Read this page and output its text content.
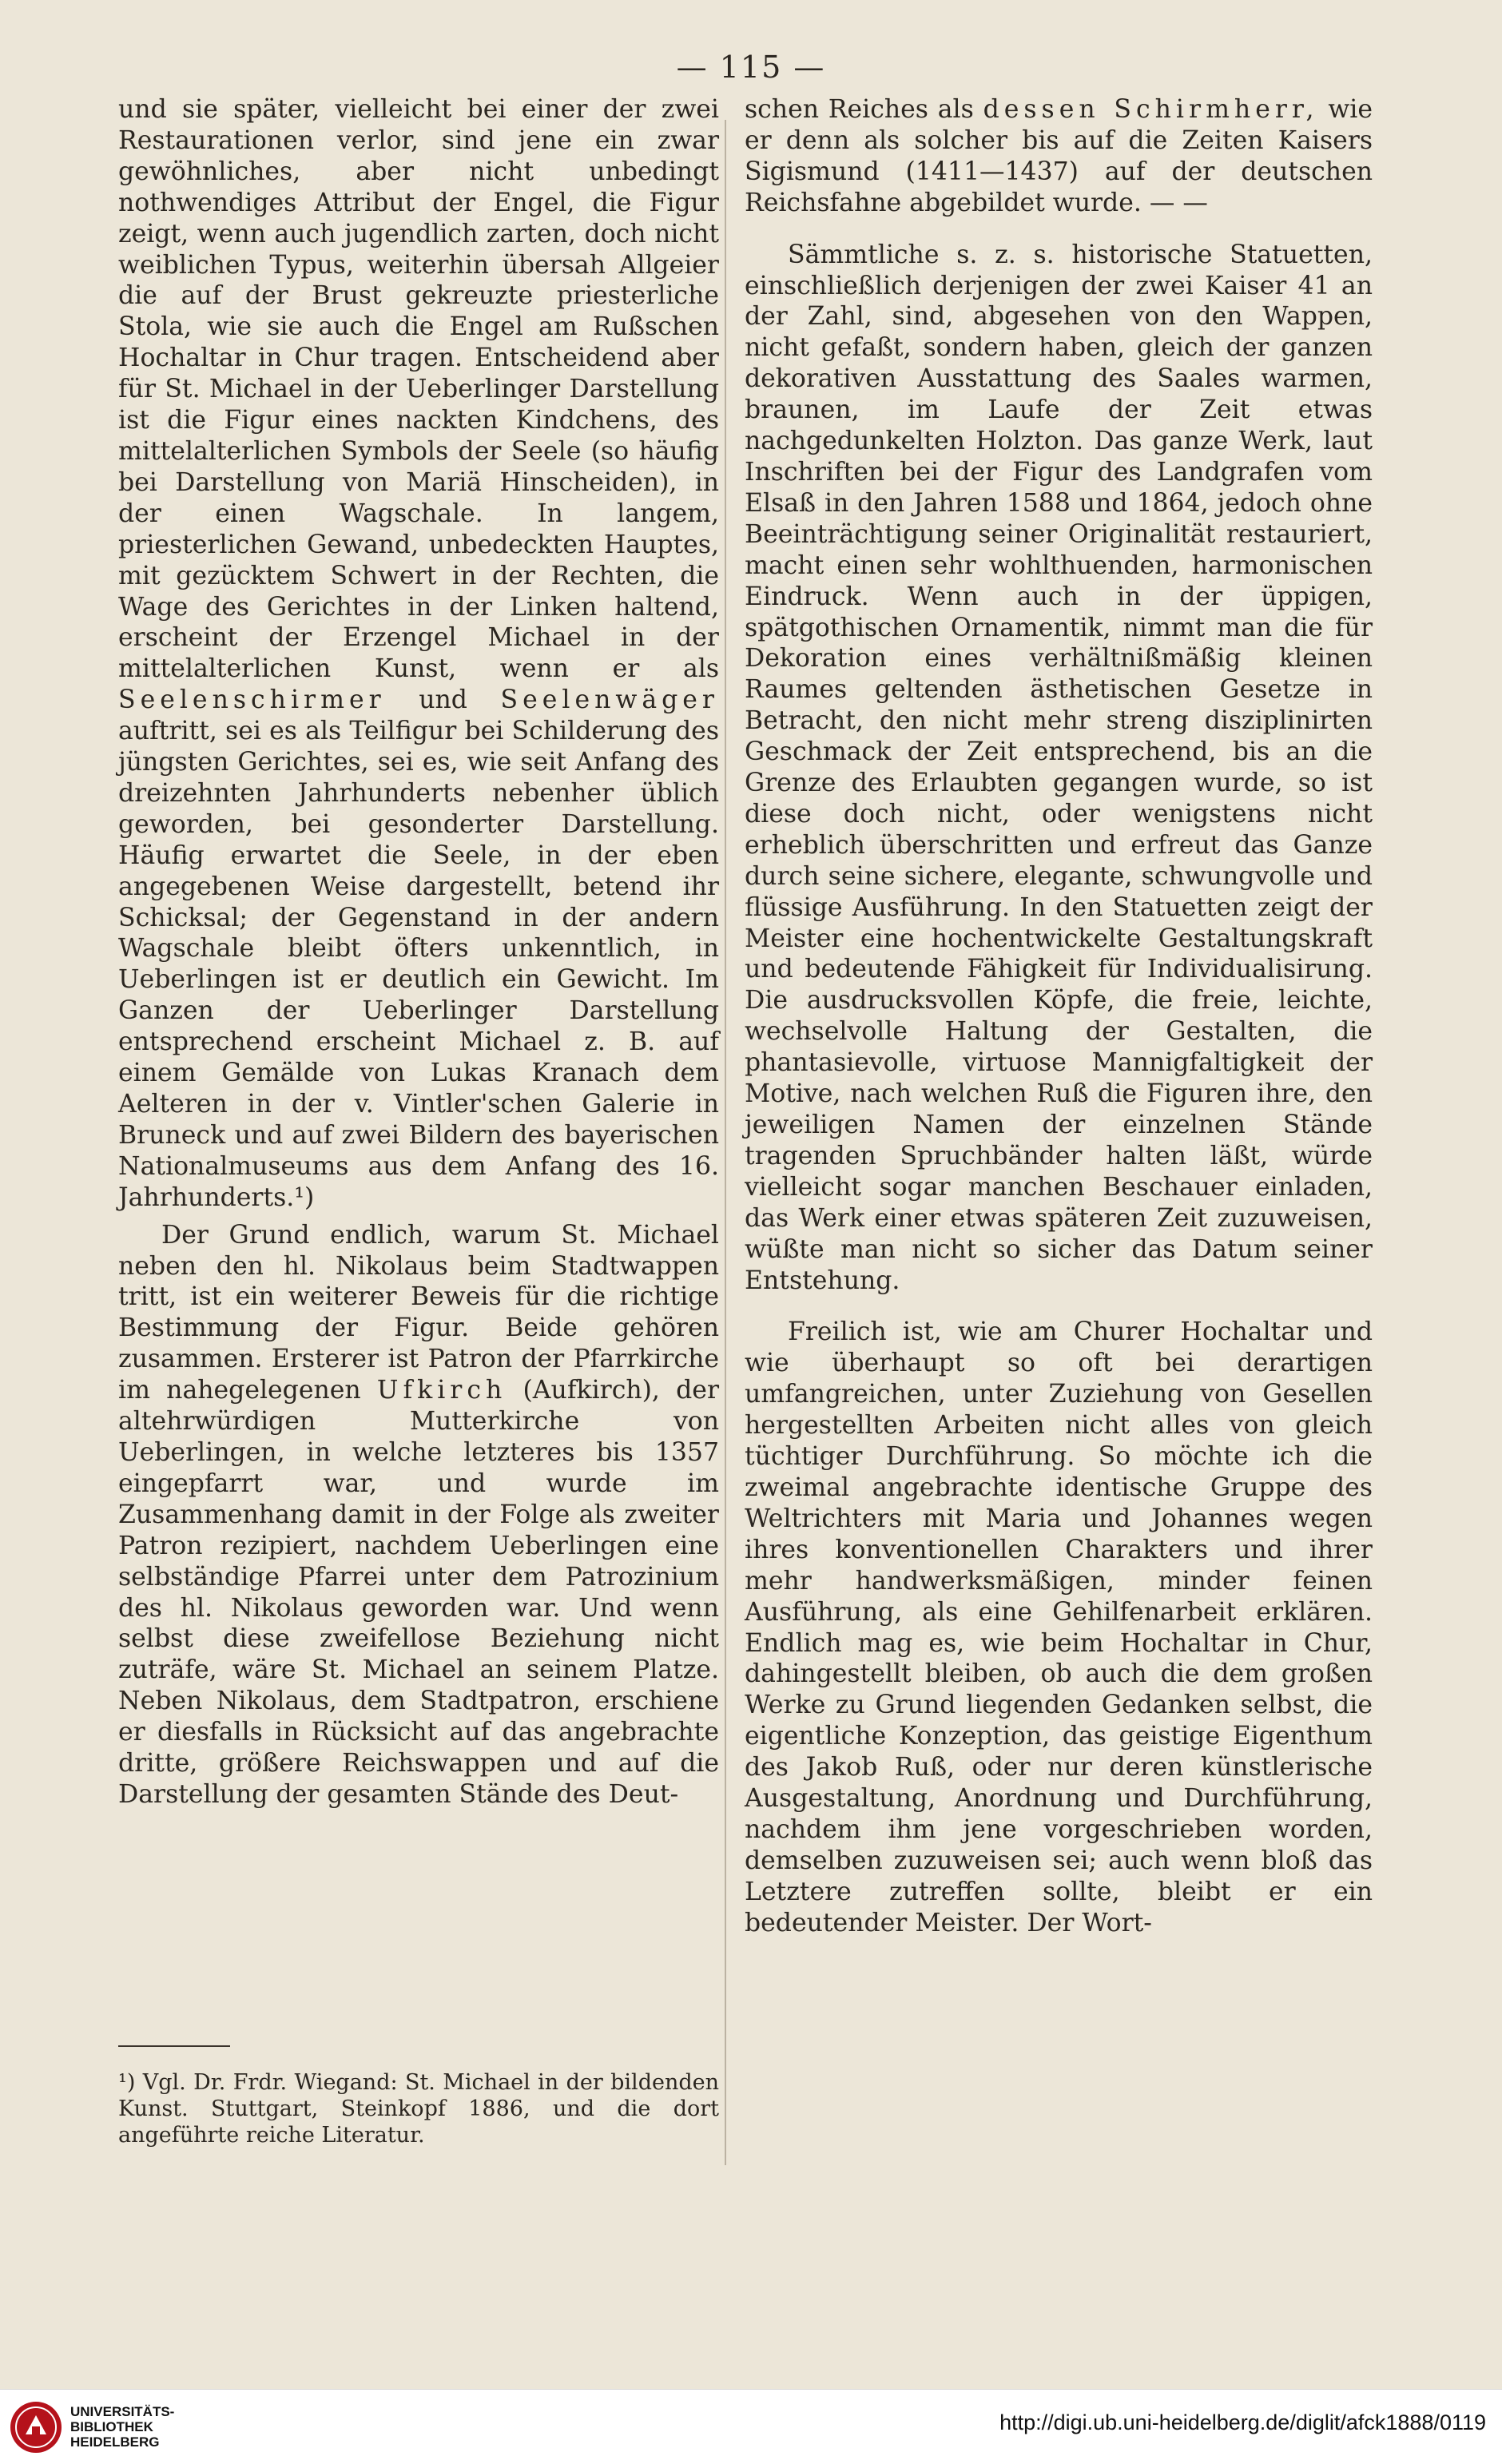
— 115 —

und sie später, vielleicht bei einer der zwei Restaurationen verlor, sind jene ein zwar gewöhnliches, aber nicht unbedingt nothwendiges Attribut der Engel, die Figur zeigt, wenn auch jugendlich zarten, doch nicht weiblichen Typus, weiterhin übersah Allgeier die auf der Brust gekreuzte priesterliche Stola, wie sie auch die Engel am Rußschen Hochaltar in Chur tragen. Entscheidend aber für St. Michael in der Ueberlinger Darstellung ist die Figur eines nackten Kindchens, des mittelalterlichen Symbols der Seele (so häufig bei Darstellung von Mariä Hinscheiden), in der einen Wagschale. In langem, priesterlichen Gewand, unbedeckten Hauptes, mit gezücktem Schwert in der Rechten, die Wage des Gerichtes in der Linken haltend, erscheint der Erzengel Michael in der mittelalterlichen Kunst, wenn er als Seelenschirmer und Seelenwäger auftritt, sei es als Teilfigur bei Schilderung des jüngsten Gerichtes, sei es, wie seit Anfang des dreizehnten Jahrhunderts nebenher üblich geworden, bei gesonderter Darstellung. Häufig erwartet die Seele, in der eben angegebenen Weise dargestellt, betend ihr Schicksal; der Gegenstand in der andern Wagschale bleibt öfters unkenntlich, in Ueberlingen ist er deutlich ein Gewicht. Im Ganzen der Ueberlinger Darstellung entsprechend erscheint Michael z. B. auf einem Gemälde von Lukas Kranach dem Aelteren in der v. Vintler'schen Galerie in Bruneck und auf zwei Bildern des bayerischen Nationalmuseums aus dem Anfang des 16. Jahrhunderts.¹)

Der Grund endlich, warum St. Michael neben den hl. Nikolaus beim Stadtwappen tritt, ist ein weiterer Beweis für die richtige Bestimmung der Figur. Beide gehören zusammen. Ersterer ist Patron der Pfarrkirche im nahegelegenen Ufkirch (Aufkirch), der altehrwürdigen Mutterkirche von Ueberlingen, in welche letzteres bis 1357 eingepfarrt war, und wurde im Zusammenhang damit in der Folge als zweiter Patron rezipiert, nachdem Ueberlingen eine selbständige Pfarrei unter dem Patrozinium des hl. Nikolaus geworden war. Und wenn selbst diese zweifellose Beziehung nicht zuträfe, wäre St. Michael an seinem Platze. Neben Nikolaus, dem Stadtpatron, erschiene er diesfalls in Rücksicht auf das angebrachte dritte, größere Reichswappen und auf die Darstellung der gesamten Stände des Deut-

¹) Vgl. Dr. Frdr. Wiegand: St. Michael in der bildenden Kunst. Stuttgart, Steinkopf 1886, und die dort angeführte reiche Literatur.

schen Reiches als dessen Schirmherr, wie er denn als solcher bis auf die Zeiten Kaisers Sigismund (1411—1437) auf der deutschen Reichsfahne abgebildet wurde. — —

Sämmtliche s. z. s. historische Statuetten, einschließlich derjenigen der zwei Kaiser 41 an der Zahl, sind, abgesehen von den Wappen, nicht gefaßt, sondern haben, gleich der ganzen dekorativen Ausstattung des Saales warmen, braunen, im Laufe der Zeit etwas nachgedunkelten Holzton. Das ganze Werk, laut Inschriften bei der Figur des Landgrafen vom Elsaß in den Jahren 1588 und 1864, jedoch ohne Beeinträchtigung seiner Originalität restauriert, macht einen sehr wohlthuenden, harmonischen Eindruck. Wenn auch in der üppigen, spätgothischen Ornamentik, nimmt man die für Dekoration eines verhältnißmäßig kleinen Raumes geltenden ästhetischen Gesetze in Betracht, den nicht mehr streng disziplinirten Geschmack der Zeit entsprechend, bis an die Grenze des Erlaubten gegangen wurde, so ist diese doch nicht, oder wenigstens nicht erheblich überschritten und erfreut das Ganze durch seine sichere, elegante, schwungvolle und flüssige Ausführung. In den Statuetten zeigt der Meister eine hochentwickelte Gestaltungskraft und bedeutende Fähigkeit für Individualisirung. Die ausdrucksvollen Köpfe, die freie, leichte, wechselvolle Haltung der Gestalten, die phantasievolle, virtuose Mannigfaltigkeit der Motive, nach welchen Ruß die Figuren ihre, den jeweiligen Namen der einzelnen Stände tragenden Spruchbänder halten läßt, würde vielleicht sogar manchen Beschauer einladen, das Werk einer etwas späteren Zeit zuzuweisen, wüßte man nicht so sicher das Datum seiner Entstehung.

Freilich ist, wie am Churer Hochaltar und wie überhaupt so oft bei derartigen umfangreichen, unter Zuziehung von Gesellen hergestellten Arbeiten nicht alles von gleich tüchtiger Durchführung. So möchte ich die zweimal angebrachte identische Gruppe des Weltrichters mit Maria und Johannes wegen ihres konventionellen Charakters und ihrer mehr handwerksmäßigen, minder feinen Ausführung, als eine Gehilfenarbeit erklären. Endlich mag es, wie beim Hochaltar in Chur, dahingestellt bleiben, ob auch die dem großen Werke zu Grund liegenden Gedanken selbst, die eigentliche Konzeption, das geistige Eigenthum des Jakob Ruß, oder nur deren künstlerische Ausgestaltung, Anordnung und Durchführung, nachdem ihm jene vorgeschrieben worden, demselben zuzuweisen sei; auch wenn bloß das Letztere zutreffen sollte, bleibt er ein bedeutender Meister. Der Wort-

UNIVERSITÄTS-
BIBLIOTHEK
HEIDELBERG
http://digi.ub.uni-heidelberg.de/diglit/afck1888/0119
